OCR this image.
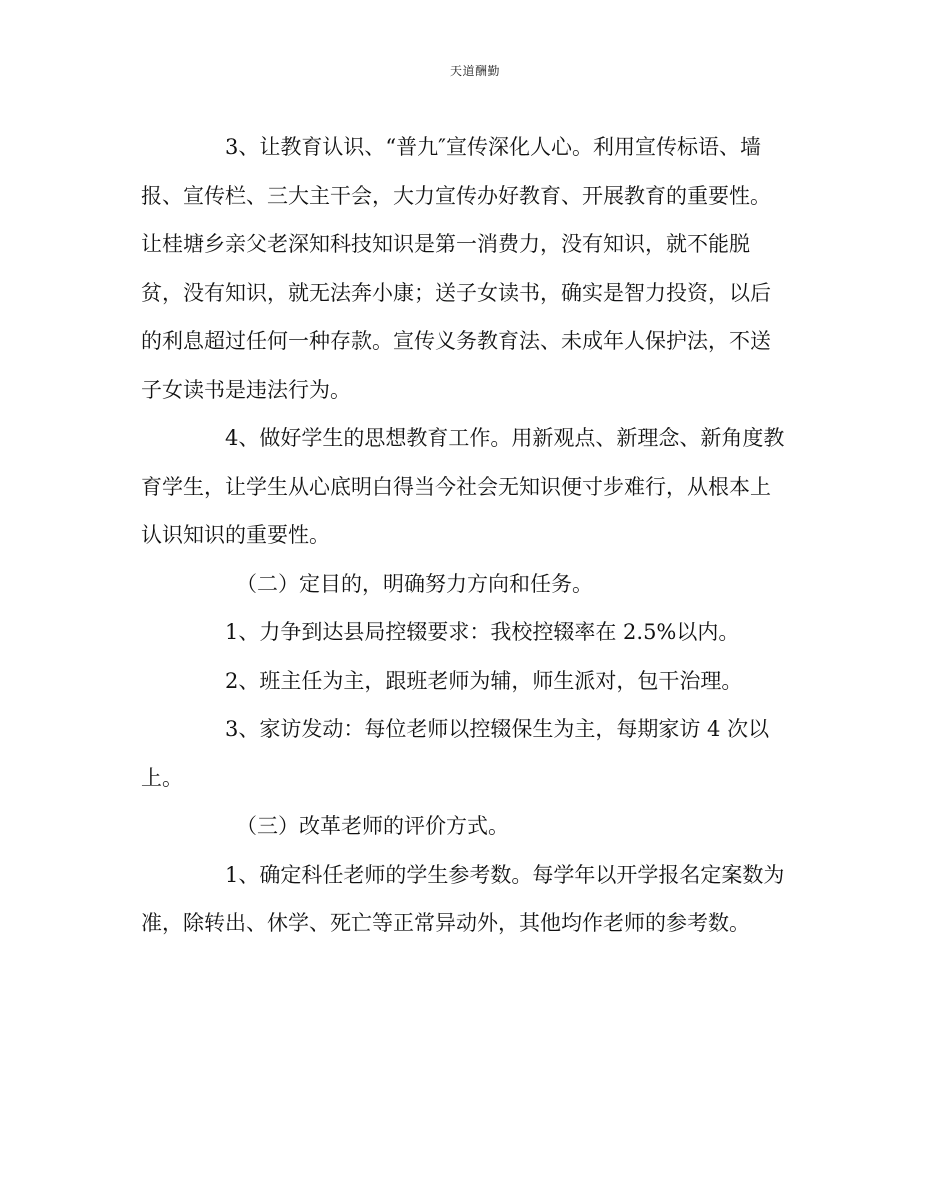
天道酬勤
3、让教育认识、“普九″宣传深化人心。利用宣传标语、墙
报、宣传栏、三大主干会，大力宣传办好教育、开展教育的重要性。
让桂塘乡亲父老深知科技知识是第一消费力，没有知识，就不能脱
贫，没有知识，就无法奔小康；送子女读书，确实是智力投资，以后
的利息超过任何一种存款。宣传义务教育法、未成年人保护法，不送
子女读书是违法行为。
4、做好学生的思想教育工作。用新观点、新理念、新角度教
育学生，让学生从心底明白得当今社会无知识便寸步难行，从根本上
认识知识的重要性。
（二）定目的，明确努力方向和任务。
1、力争到达县局控辍要求：我校控辍率在 2.5%以内。
2、班主任为主，跟班老师为辅，师生派对，包干治理。
3、家访发动：每位老师以控辍保生为主，每期家访 4 次以
上。
（三）改革老师的评价方式。
1、确定科任老师的学生参考数。每学年以开学报名定案数为
准，除转出、休学、死亡等正常异动外，其他均作老师的参考数。
